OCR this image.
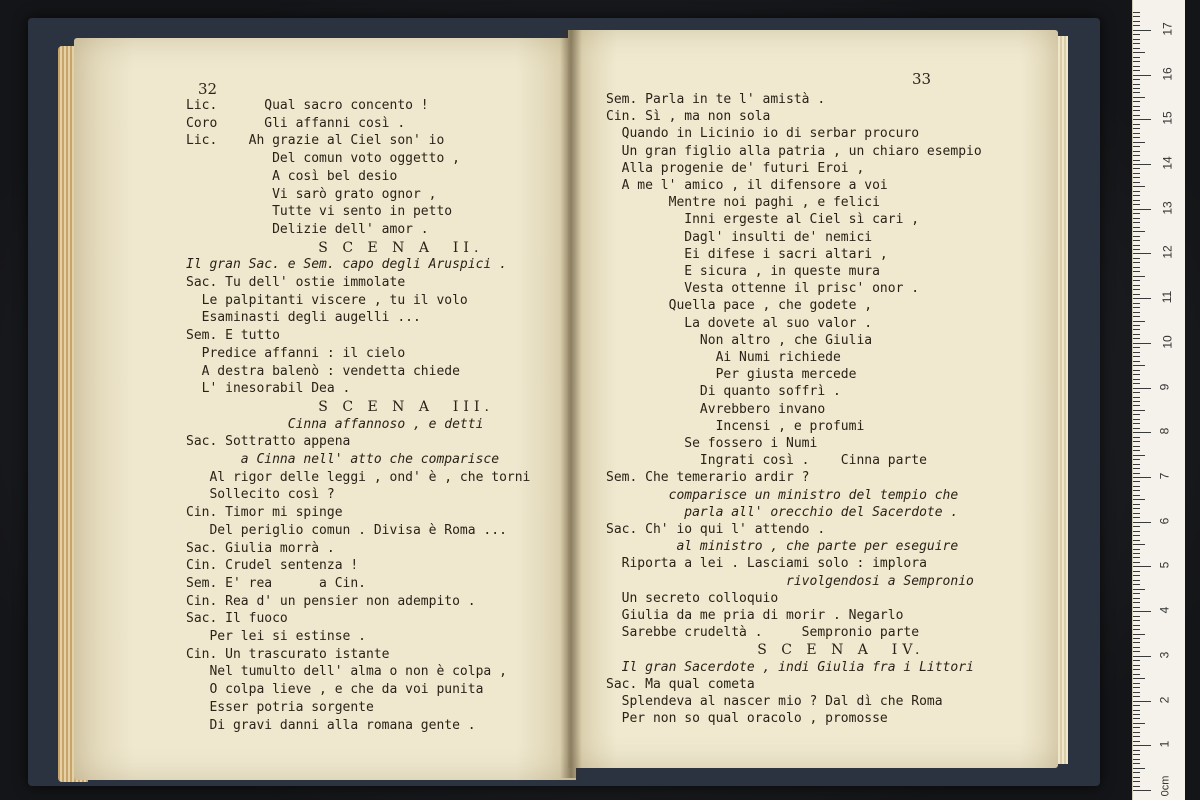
32
Lic.      Qual sacro concento !
Coro      Gli affanni così .
Lic.    Ah grazie al Ciel son' io
Del comun voto oggetto ,
A così bel desio
Vi sarò grato ognor ,
Tutte vi sento in petto
Delizie dell' amor .
S C E N A  II.
Il gran Sac. e Sem. capo degli Aruspici .
Sac. Tu dell' ostie immolate
Le palpitanti viscere , tu il volo
Esaminasti degli augelli ...
Sem. E tutto
Predice affanni : il cielo
A destra balenò : vendetta chiede
L' inesorabil Dea .
S C E N A  III.
Cinna affannoso , e detti
Sac. Sottratto appena
a Cinna nell' atto che comparisce
Al rigor delle leggi , ond' è , che torni
Sollecito così ?
Cin. Timor mi spinge
Del periglio comun . Divisa è Roma ...
Sac. Giulia morrà .
Cin. Crudel sentenza !
Sem. E' rea      a Cin.
Cin. Rea d' un pensier non adempito .
Sac. Il fuoco
Per lei si estinse .
Cin. Un trascurato istante
Nel tumulto dell' alma o non è colpa ,
O colpa lieve , e che da voi punita
Esser potria sorgente
Di gravi danni alla romana gente .
33
Sem. Parla in te l' amistà .
Cin. Sì , ma non sola
Quando in Licinio io di serbar procuro
Un gran figlio alla patria , un chiaro esempio
Alla progenie de' futuri Eroi ,
A me l' amico , il difensore a voi
Mentre noi paghi , e felici
Inni ergeste al Ciel sì cari ,
Dagl' insulti de' nemici
Ei difese i sacri altari ,
E sicura , in queste mura
Vesta ottenne il prisc' onor .
Quella pace , che godete ,
La dovete al suo valor .
Non altro , che Giulia
Ai Numi richiede
Per giusta mercede
Di quanto soffrì .
Avrebbero invano
Incensi , e profumi
Se fossero i Numi
Ingrati così .    Cinna parte
Sem. Che temerario ardir ?
comparisce un ministro del tempio che
parla all' orecchio del Sacerdote .
Sac. Ch' io qui l' attendo .
al ministro , che parte per eseguire
Riporta a lei . Lasciami solo : implora
rivolgendosi a Sempronio
Un secreto colloquio
Giulia da me pria di morir . Negarlo
Sarebbe crudeltà .     Sempronio parte
S C E N A  IV.
Il gran Sacerdote , indi Giulia fra i Littori
Sac. Ma qual cometa
Splendeva al nascer mio ? Dal dì che Roma
Per non so qual oracolo , promosse
1
2
3
4
5
6
7
8
9
10
11
12
13
14
15
16
17
0cm
